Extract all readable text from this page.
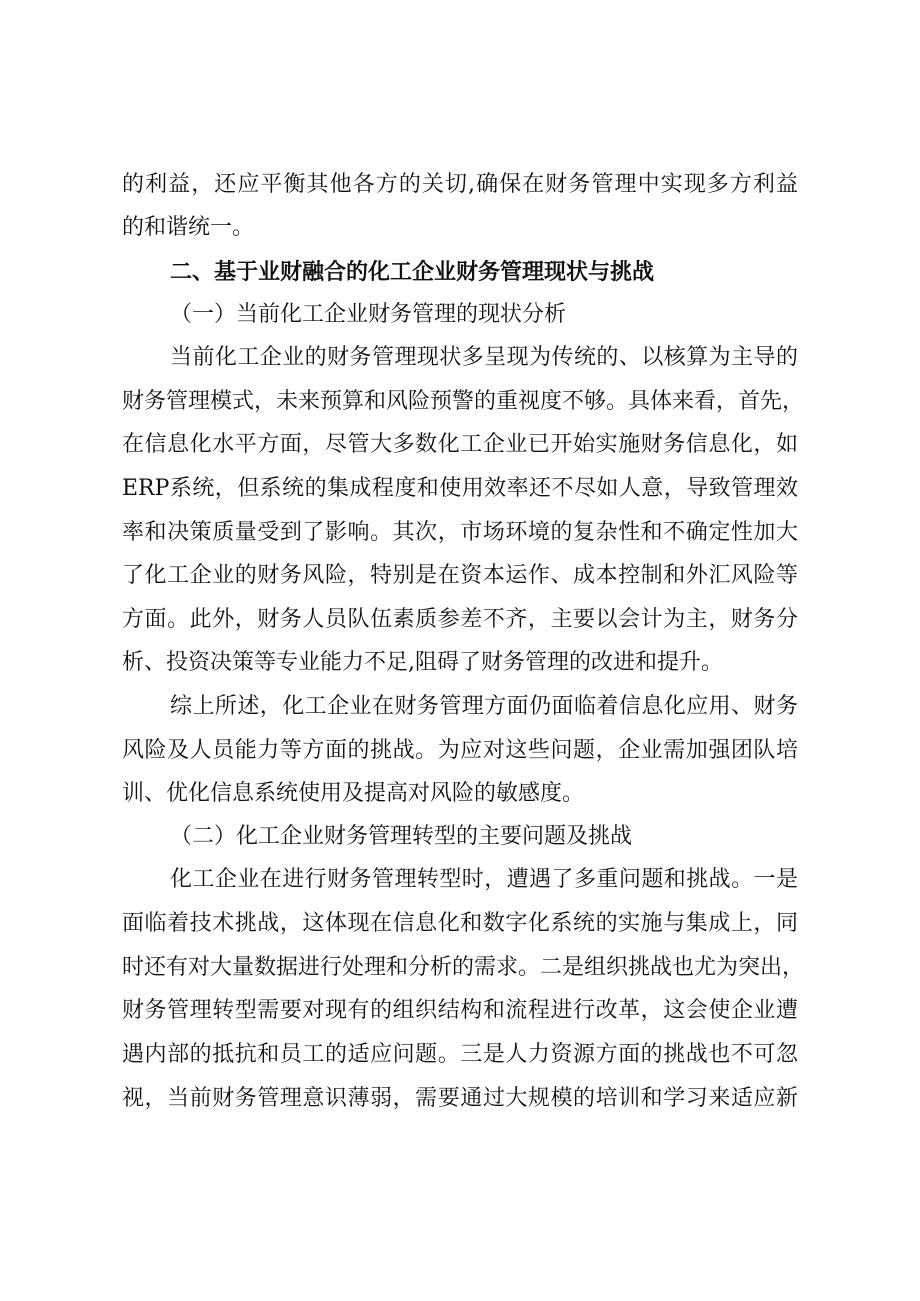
的利益，还应平衡其他各方的关切,确保在财务管理中实现多方利益
的和谐统一。
二、基于业财融合的化工企业财务管理现状与挑战
（一）当前化工企业财务管理的现状分析
当前化工企业的财务管理现状多呈现为传统的、以核算为主导的
财务管理模式，未来预算和风险预警的重视度不够。具体来看，首先，
在信息化水平方面，尽管大多数化工企业已开始实施财务信息化，如
ERP系统，但系统的集成程度和使用效率还不尽如人意，导致管理效
率和决策质量受到了影响。其次，市场环境的复杂性和不确定性加大
了化工企业的财务风险，特别是在资本运作、成本控制和外汇风险等
方面。此外，财务人员队伍素质参差不齐，主要以会计为主，财务分
析、投资决策等专业能力不足,阻碍了财务管理的改进和提升。
综上所述，化工企业在财务管理方面仍面临着信息化应用、财务
风险及人员能力等方面的挑战。为应对这些问题，企业需加强团队培
训、优化信息系统使用及提高对风险的敏感度。
（二）化工企业财务管理转型的主要问题及挑战
化工企业在进行财务管理转型时，遭遇了多重问题和挑战。一是
面临着技术挑战，这体现在信息化和数字化系统的实施与集成上，同
时还有对大量数据进行处理和分析的需求。二是组织挑战也尤为突出，
财务管理转型需要对现有的组织结构和流程进行改革，这会使企业遭
遇内部的抵抗和员工的适应问题。三是人力资源方面的挑战也不可忽
视，当前财务管理意识薄弱，需要通过大规模的培训和学习来适应新
